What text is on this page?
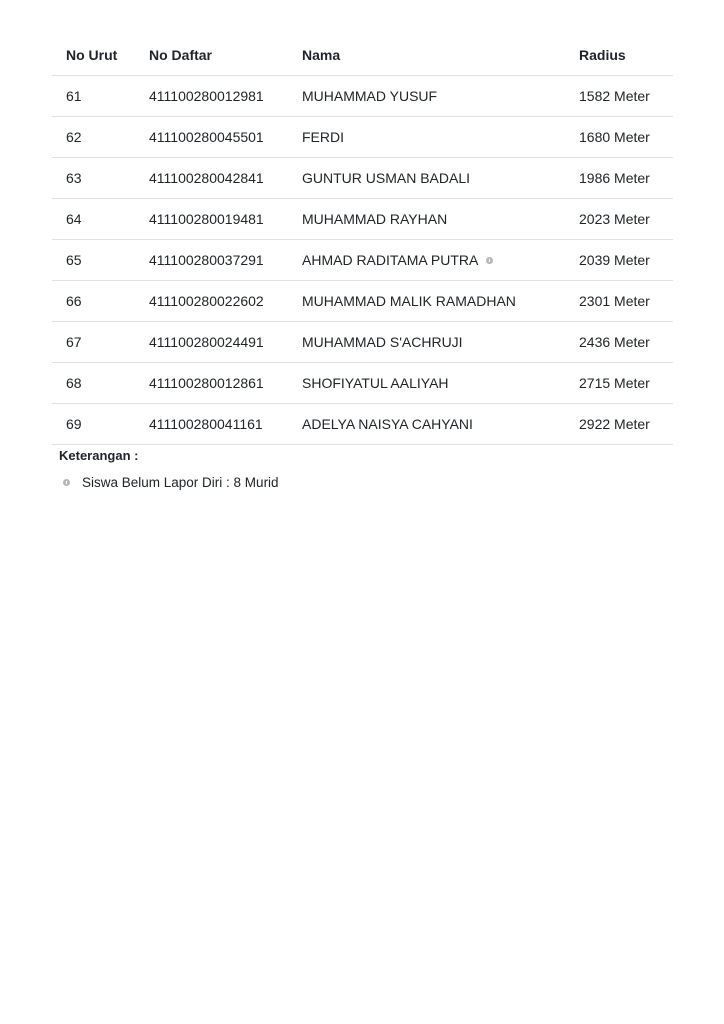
No Urut	No Daftar	Nama	Radius
61	411100280012981	MUHAMMAD YUSUF	1582 Meter
62	411100280045501	FERDI	1680 Meter
63	411100280042841	GUNTUR USMAN BADALI	1986 Meter
64	411100280019481	MUHAMMAD RAYHAN	2023 Meter
65	411100280037291	AHMAD RADITAMA PUTRA	2039 Meter
66	411100280022602	MUHAMMAD MALIK RAMADHAN	2301 Meter
67	411100280024491	MUHAMMAD S'ACHRUJI	2436 Meter
68	411100280012861	SHOFIYATUL AALIYAH	2715 Meter
69	411100280041161	ADELYA NAISYA CAHYANI	2922 Meter
Keterangan :
Siswa Belum Lapor Diri : 8 Murid
